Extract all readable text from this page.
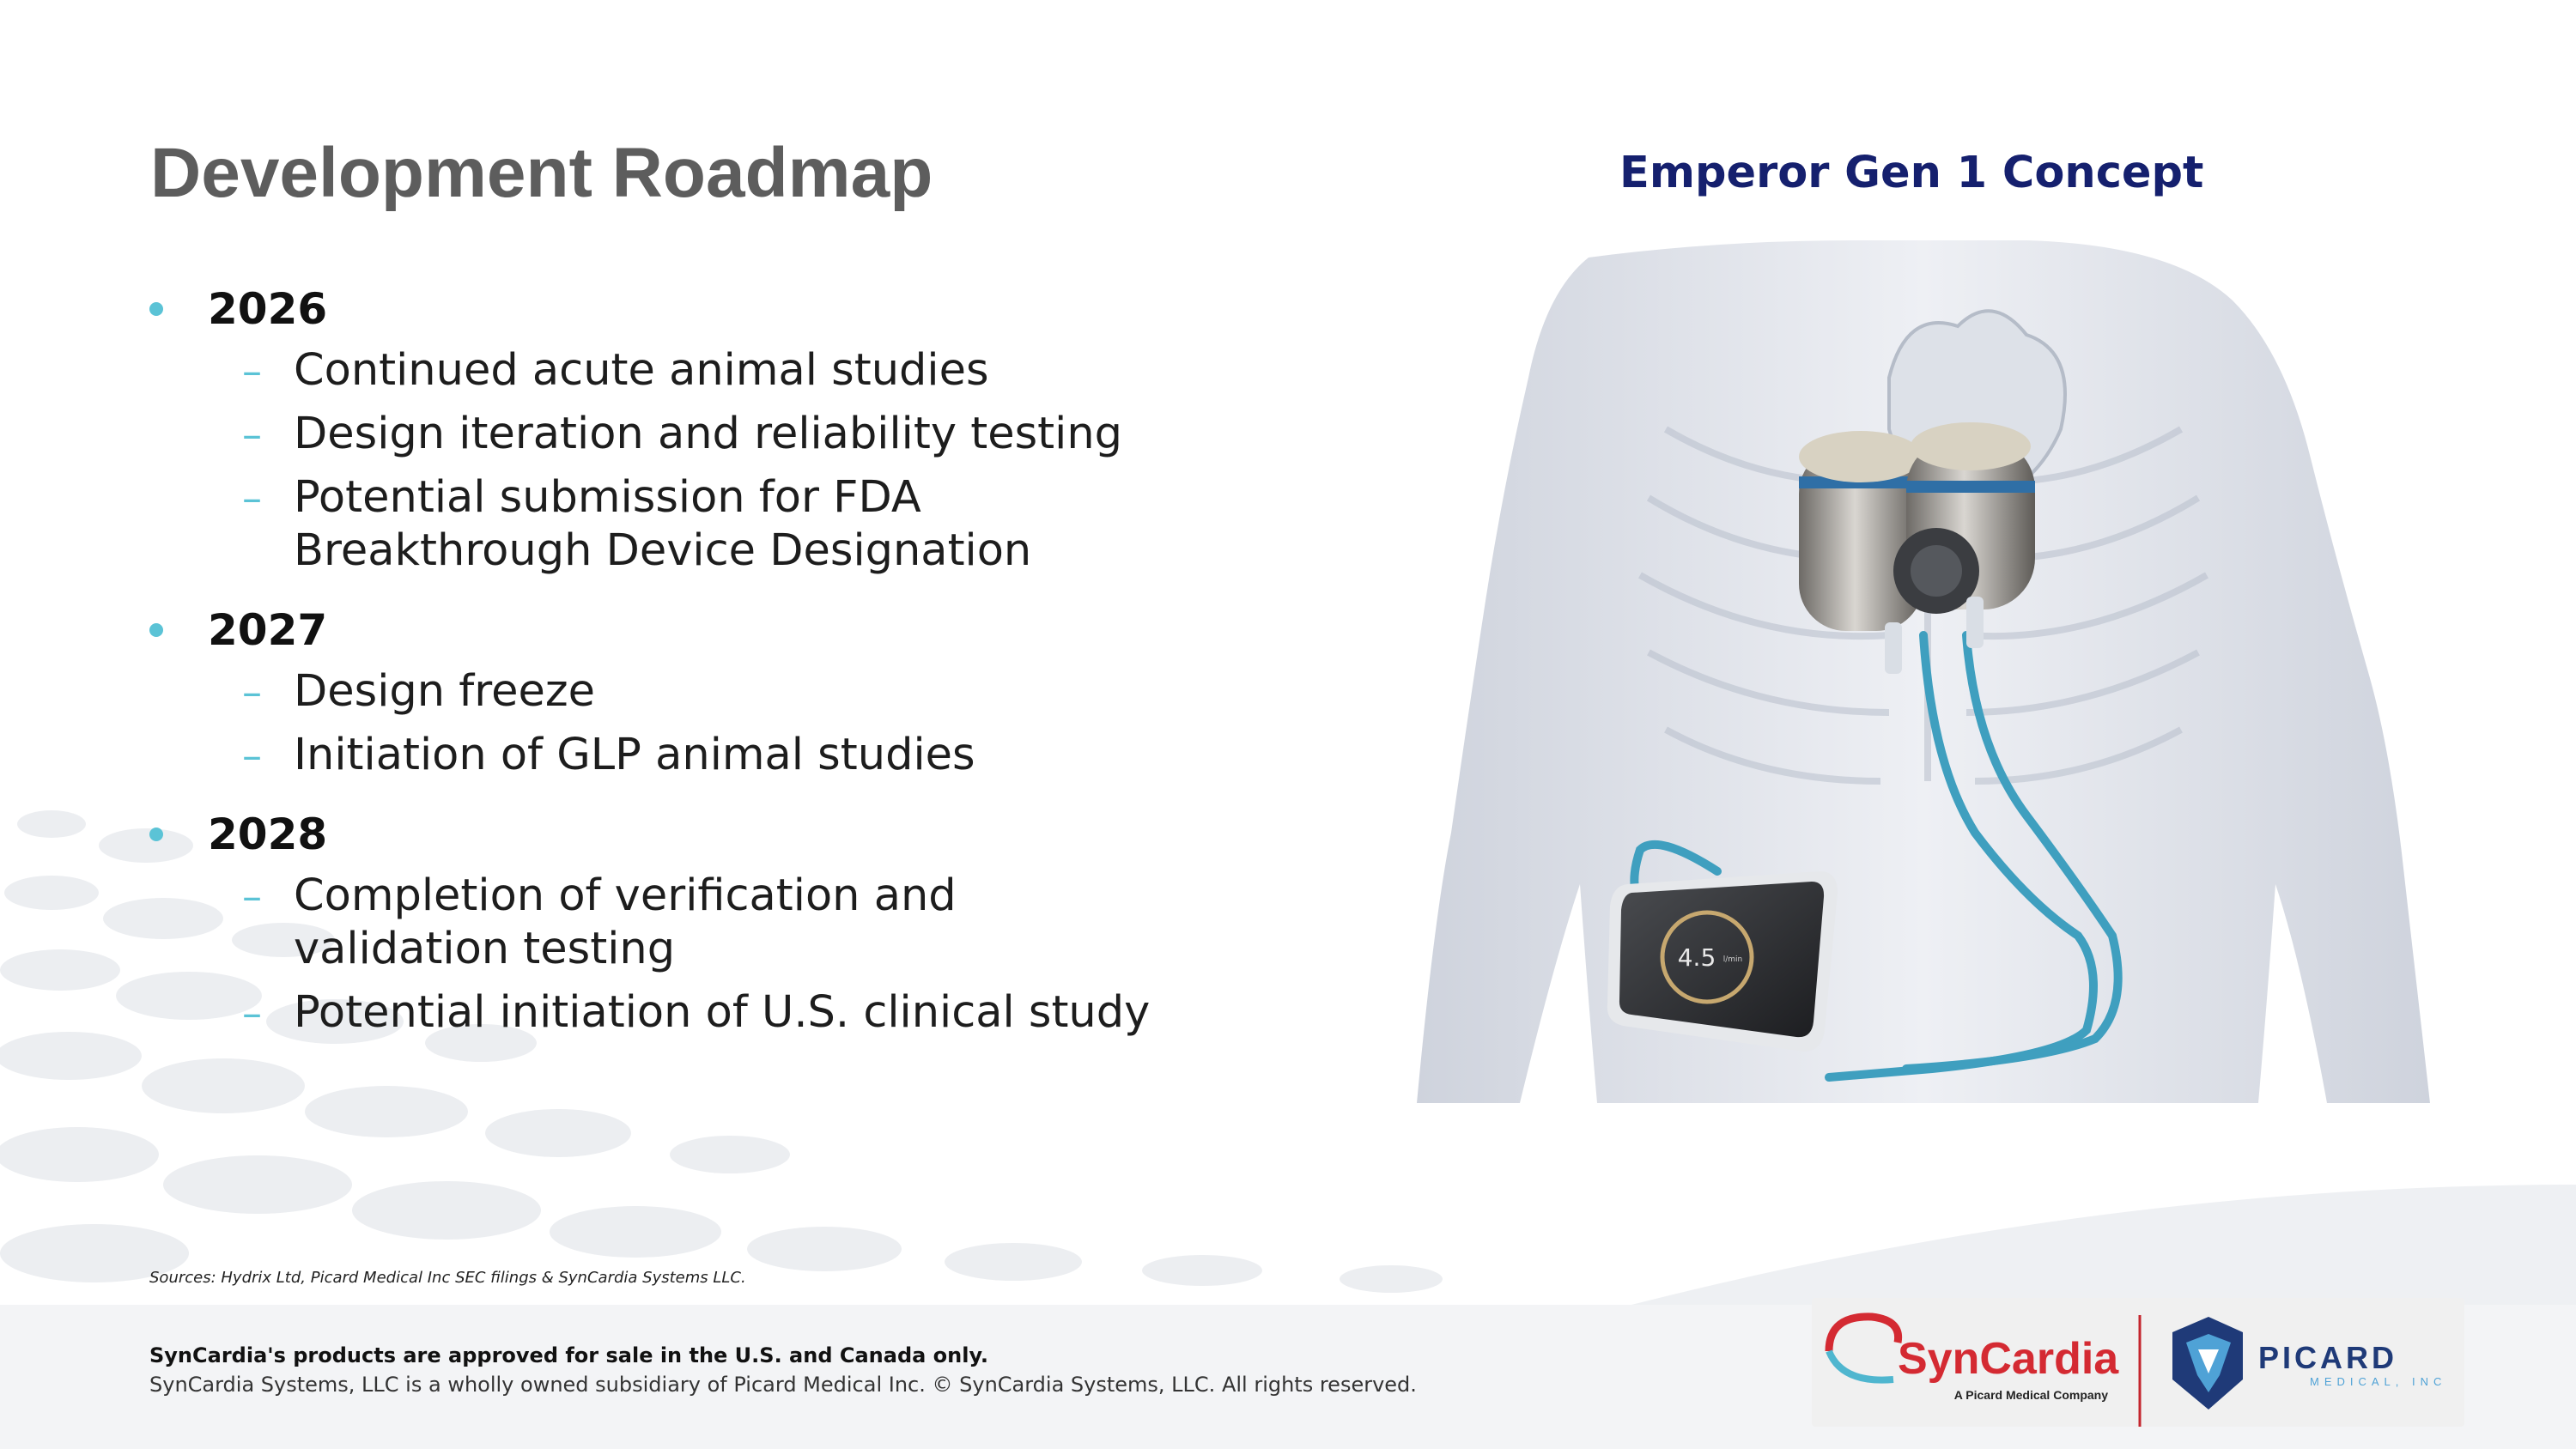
Development Roadmap
2026
– Continued acute animal studies
– Design iteration and reliability testing
– Potential submission for FDA Breakthrough Device Designation
2027
– Design freeze
– Initiation of GLP animal studies
2028
– Completion of verification and validation testing
– Potential initiation of U.S. clinical study
Emperor Gen 1 Concept
4.5 l/min
Sources: Hydrix Ltd, Picard Medical Inc SEC filings & SynCardia Systems LLC.
SynCardia's products are approved for sale in the U.S. and Canada only.
SynCardia Systems, LLC is a wholly owned subsidiary of Picard Medical Inc. © SynCardia Systems, LLC. All rights reserved.
SynCardia
A Picard Medical Company
PICARD
MEDICAL, INC
